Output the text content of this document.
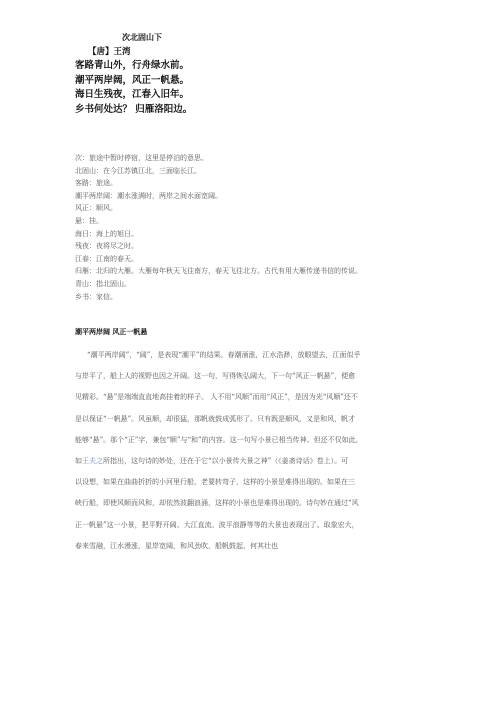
次北固山下
【唐】王湾
客路青山外，行舟绿水前。
潮平两岸阔，风正一帆悬。
海日生残夜，江春入旧年。
乡书何处达？ 归雁洛阳边。
次：旅途中暂时停宿，这里是停泊的意思。
北固山：在今江苏镇江北，三面临长江。
客路：旅途。
潮平两岸阔：潮水涨满时，两岸之间水面宽阔。
风正：顺风。
悬：挂。
海日：海上的旭日。
残夜：夜将尽之时。
江春：江南的春天。
归雁：北归的大雁。大雁每年秋天飞往南方，春天飞往北方。古代有用大雁传递书信的传说。
青山：指北固山。
乡书：家信。
潮平两岸阔 风正一帆悬
“潮平两岸阔”，“阔”，是表现“潮平”的结果。春潮涌涨，江水浩渺，放眼望去，江面似乎
与岸平了，船上人的视野也因之开阔。这一句，写得恢弘阔大，下一句“风正一帆悬”，便愈
见精彩。“悬”是端端直直地高挂着的样子。 人不用“风顺”而用“风正”，是因为光“风顺”还不
是以保证“一帆悬”。风虽顺，却很猛，那帆就鼓成弧形了。只有既是顺风，又是和风，帆才
能够“悬”。那个“正”字，兼包“顺”与“和”的内容。这一句写小景已相当传神。但还不仅如此，
如王夫之所指出，这句诗的妙处，还在于它“以小景传大景之神”（《姜斋诗话》卷上）。可
以设想，如果在曲曲折折的小河里行船，老要转弯子，这样的小景是难得出现的。如果在三
峡行船，即使风顺而风和，却依然波翻浪涌，这样的小景也是难得出现的。诗句妙在通过“风
正一帆悬”这一小景，把平野开阔、大江直流、波平浪静等等的大景也表现出了。取象宏大，
春来雪融，江水漫涨，星岸宽阔，和风劲吹，船帆鼓起，何其壮也
